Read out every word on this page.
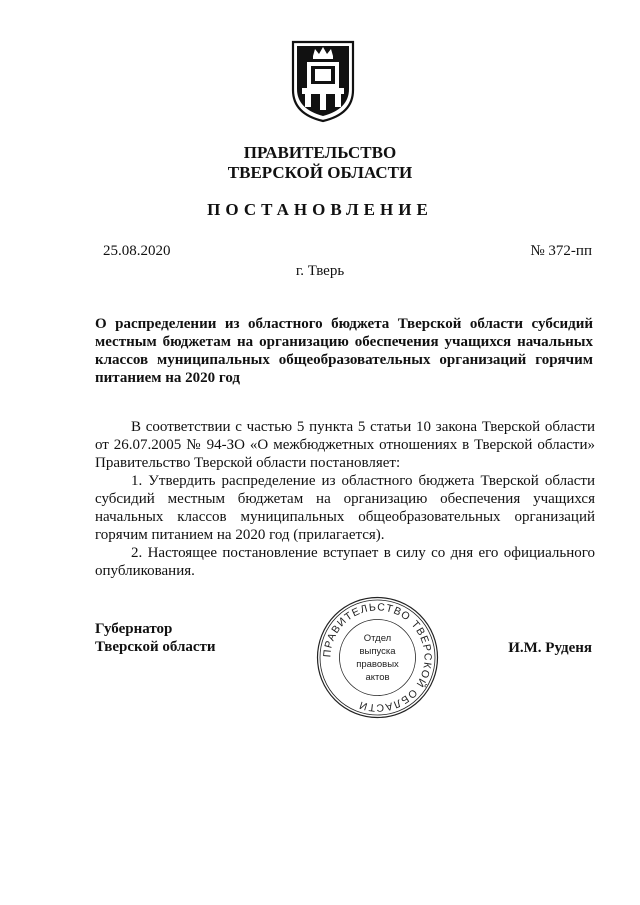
ПРАВИТЕЛЬСТВО
ТВЕРСКОЙ ОБЛАСТИ
ПОСТАНОВЛЕНИЕ
25.08.2020	№ 372-пп
г. Тверь
О распределении из областного бюджета Тверской области субсидий
местным бюджетам на организацию обеспечения учащихся начальных
классов муниципальных общеобразовательных организаций горячим
питанием на 2020 год

В соответствии с частью 5 пункта 5 статьи 10 закона Тверской области от 26.07.2005 № 94-ЗО «О межбюджетных отношениях в Тверской области» Правительство Тверской области постановляет:

1. Утвердить распределение из областного бюджета Тверской области субсидий местным бюджетам на организацию обеспечения учащихся начальных классов муниципальных общеобразовательных организаций горячим питанием на 2020 год (прилагается).

2. Настоящее постановление вступает в силу со дня его официального опубликования.

Губернатор
Тверской области	И.М. Руденя
ПРАВИТЕЛЬСТВО ТВЕРСКОЙ ОБЛАСТИ
Отдел
выпуска
правовых
актов
